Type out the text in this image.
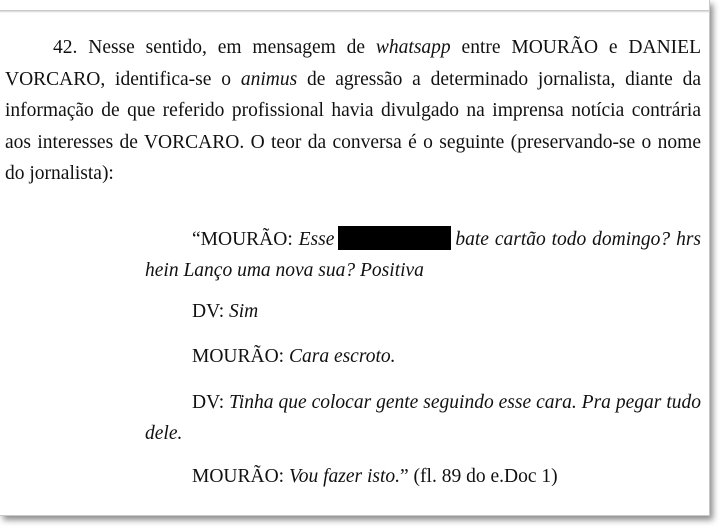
42. Nesse sentido, em mensagem de whatsapp entre MOURÃO e DANIEL VORCARO, identifica-se o animus de agressão a determinado jornalista, diante da informação de que referido profissional havia divulgado na imprensa notícia contrária aos interesses de VORCARO. O teor da conversa é o seguinte (preservando-se o nome do jornalista):

“MOURÃO: Esse	bate cartão todo domingo? hrs hein Lanço uma nova sua? Positiva

DV: Sim

MOURÃO: Cara escroto.

DV: Tinha que colocar gente seguindo esse cara. Pra pegar tudo dele.

MOURÃO: Vou fazer isto.” (fl. 89 do e.Doc 1)
